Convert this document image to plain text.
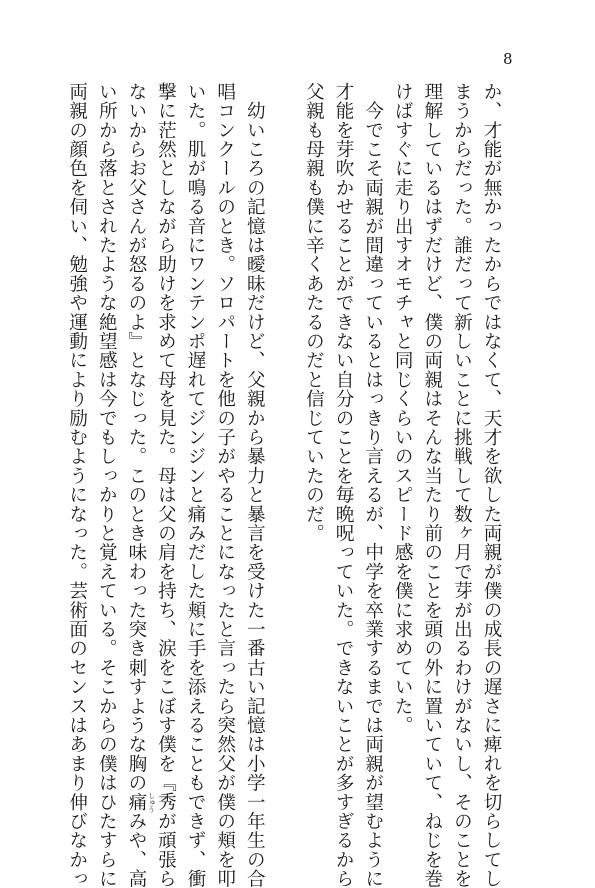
8
か、才能が無かったからではなくて、天才を欲した両親が僕の成長の遅さに痺れを切らしてし
まうからだった。誰だって新しいことに挑戦して数ヶ月で芽が出るわけがないし、そのことを
理解しているはずだけど、僕の両親はそんな当たり前のことを頭の外に置いていて、ねじを巻
けばすぐに走り出すオモチャと同じくらいのスピード感を僕に求めていた。
　今でこそ両親が間違っているとはっきり言えるが、中学を卒業するまでは両親が望むように
才能を芽吹かせることができない自分のことを毎晩呪っていた。できないことが多すぎるから
父親も母親も僕に辛くあたるのだと信じていたのだ。
　幼いころの記憶は曖昧だけど、父親から暴力と暴言を受けた一番古い記憶は小学一年生の合
唱コンクールのとき。ソロパートを他の子がやることになったと言ったら突然父が僕の頬を叩
いた。肌が鳴る音にワンテンポ遅れてジンジンと痛みだした頬に手を添えることもできず、衝
撃に茫然としながら助けを求めて母を見た。母は父の肩を持ち、涙をこぼす僕を『秀
しゅう
が頑張ら
ないからお父さんが怒るのよ』となじった。このとき味わった突き刺すような胸の痛みや、高
い所から落とされたような絶望感は今でもしっかりと覚えている。そこからの僕はひたすらに
両親の顔色を伺い、勉強や運動により励むようになった。芸術面のセンスはあまり伸びなかっ
